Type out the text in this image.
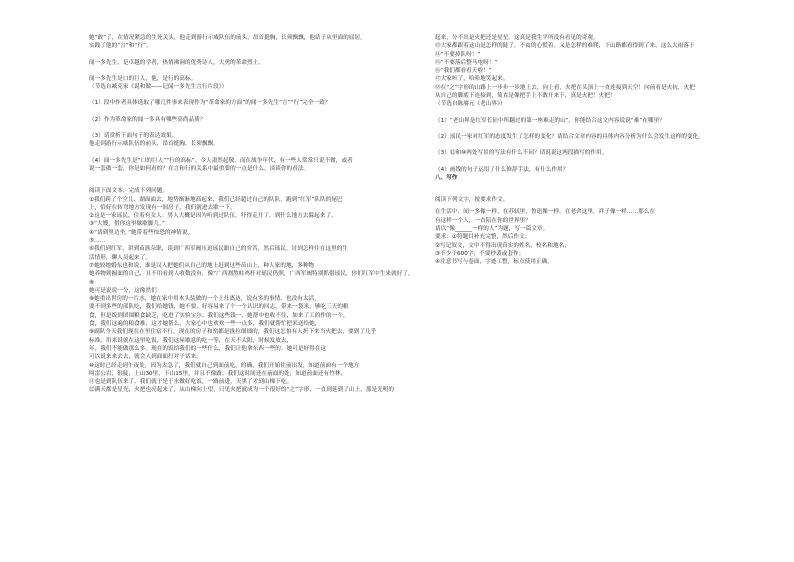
她”敢”了，在情况紧急的生死关头，他走到游行示威队伍的前头，昂首挺胸，长须飘飘，他站子从里面的屈居，

实践了他的“言”和“行”。

闻一多先生，是卓越的学者，热情沸洞的优秀诗人，大勇的革命烈士。

闻一多先生是口的巨人，他，是行的高标。

（节选自臧克家《说和做——记闻一多先生言行片段》）

（1）段中作者具体选取了哪几件事来表现作为“革命家的方面”的闻一多先生“言”“行”完全一致？

（2）作为革命家的闻一多具有哪些高尚品质？

（3）请赏析下面句子的表达效果。

他走到游行示威队伍的前头，昂首挺胸，长须飘飘。

（4）闻一多先生是“口的巨人”“行的高标”。令人肃然起敬。而在战争年代，有一些人常常只说不做，或者

说一套做一套，你是如何看的？在言和行的关系中最重要的一点是什么，谈谈你的看法。

阅读下面文本，完成下列问题。

①我们跨了个空儿，湖面面去，地势渐渐地高起来，我们已经超过自己的队队，跑到“红军”队队的尾巴

上，恰好在转弯地方发现有一间房子，我们就进去歇一下。

②这是一家瑶民，住着有女人：男人大概是因为听到过队伍，吓得走开了，到什么地方去躲起来了。

③“大嫂，借你这里歇歇脚儿。”

④“请到里边坐。”她带着些惊恐的神情说。

⑤……

⑥我们到红军，讲到苗族杂职，谈到广西军阀压迫瑶民跟自己的穷苦，然后瑶民，讨到怎样住在这里的生

活情形，聊人员起来了。

⑦她较她婚东也和说，谁是汉人把她们从自己的地上赶到这些苗山上，种人家的地，多种物

她养物到掘面的自己，且不用看到人收数没有，像“广西割熬蛀鸡杆对瑶民仍照，广西军阀特别抓借瑶民，你们红军中生来就好了，

⑧

她可是说说一分，这像然们

⑧她重出世房的一片水，她在家中用木头装做的一个土灶离边，说有多的事情，也没有太活，

要不到多些的部队吃，我们给她钱，她不要。好容易来了个一个认识的回志，带来一袋米，够吃三天的粮

食，但是饭到团围粮食缺乏，吃进了实验宝尔。我们这些钱一，她帮中也收不住，加来了工的作的一个，

食，我们这遍的粮食难，这才她帮么，大家心中也欢欢一些一点多，我们就帮忙把米送给她，

⑨副队今天我们现在在里住宿不行，现在的房子和窑都是拢拉细细的，我们这怎怕有人折下来当火把去，要到了几乎

标准，用米说就在这里吃饭，我们这屋歇息的吃一等，在天不太阳，时候发放去，

年，我们不能做那么多。现在的饭给我们的一些什么，我们让他拿东西一些的。她可是好得在这

可以说来来去去，就会人到面面打对于话来。

⑩这时已经走到午夜处，因为太急了，我们就自己到面前吃，的确，我们开始往前出发，知道前面有一个地方

叫雷公岩，很陡，上山30里，下山15里，并且不像路，我们这时间还在前面的处，知道前面还有竹林，

⑪也是到队伍来了，我们就于是于水做好吃饭，一路前进，天黑了才到山梯下吃。

⑫满天都是星光，火把也亮起来了，从山梯向上望，只见火把就成为一个很好的“之”字形，一直到延到了山上，那是光明的

起来，分不出是火把还是星星。这真是我生平所没有看见的奇观。

⑬大家都跟着这山是怎样的陡了，不由的心慌着。又是怎样的难爬，下山路都看得到了来，这么大雨落下

⑭“不要掉队呀！”

⑮“不要落后整马电呀！”

⑯“我们都看看天啦！”

⑰大家听了，哈哈地笑起来。

⑱在“之”字形的山路上一步步一步地上去，向上看，火把在头顶上一直连接到天空！向前看是火抗，火把

从自己的脚底下连接到，简直是像把手上不敢开来下，真是火把！火把！

（节选自陈赓元《老山界》）

（1）“老山界是红军长征中所翻过的第一座难走的山”，你能结合这文内容说说“难”在哪里？

（2）瑶民一家对红军的态度发生了怎样的变化？请结合文章内容的具体内容分析为什么会发生这样的变化。

（3）⑫和⑩两处写景的写法有什么不同？请说说这两段描写的作用。

（4）画线的句子运用了什么修辞手法，有什么作用？

八、写作

阅读下列文字，按要求作文。

在生活中，闻一多像一样，在苏轼里，鲁迅像一样，在老舍这里，祥子像一样……那么在

有这样一个人，一直陪在你的世界里？

请以“像______一样的人”为题，写一篇文章。

要求：①将题目补充完整，然后作文；

②写记叙文，文中不得出现真实的姓名、校名和地名；

③不少于600字，不要抄袭或套作；

④注意书写与卷面，字迹工整，标点使用正确。
